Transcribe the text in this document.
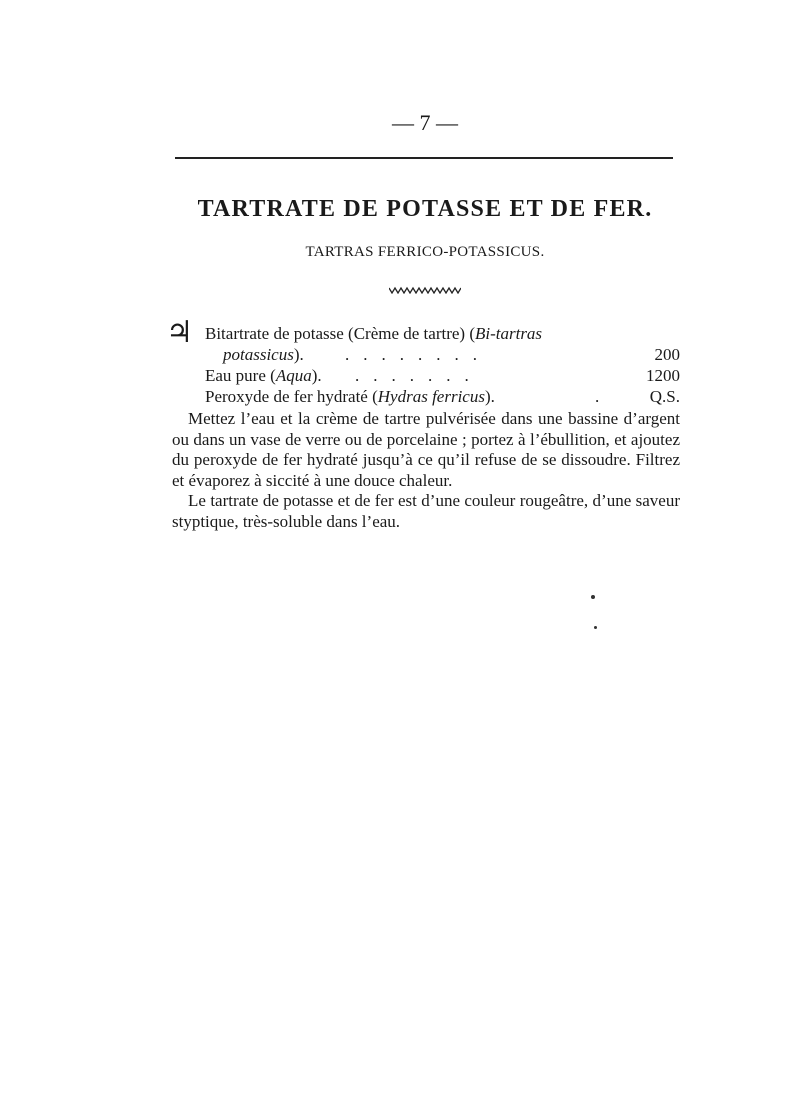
— 7 —
TARTRATE DE POTASSE ET DE FER.
TARTRAS FERRICO-POTASSICUS.
♃ Bitartrate de potasse (Crème de tartre) (Bi-tartras
potassicus). ........	200
Eau pure (Aqua). .......	1200
Peroxyde de fer hydraté (Hydras ferricus).	. Q.S.

Mettez l’eau et la crème de tartre pulvérisée dans une bassine d’argent ou dans un vase de verre ou de porcelaine ; portez à l’ébullition, et ajoutez du peroxyde de fer hydraté jusqu’à ce qu’il refuse de se dissoudre. Filtrez et évaporez à siccité à une douce chaleur.

Le tartrate de potasse et de fer est d’une couleur rougeâtre, d’une saveur styptique, très-soluble dans l’eau.
